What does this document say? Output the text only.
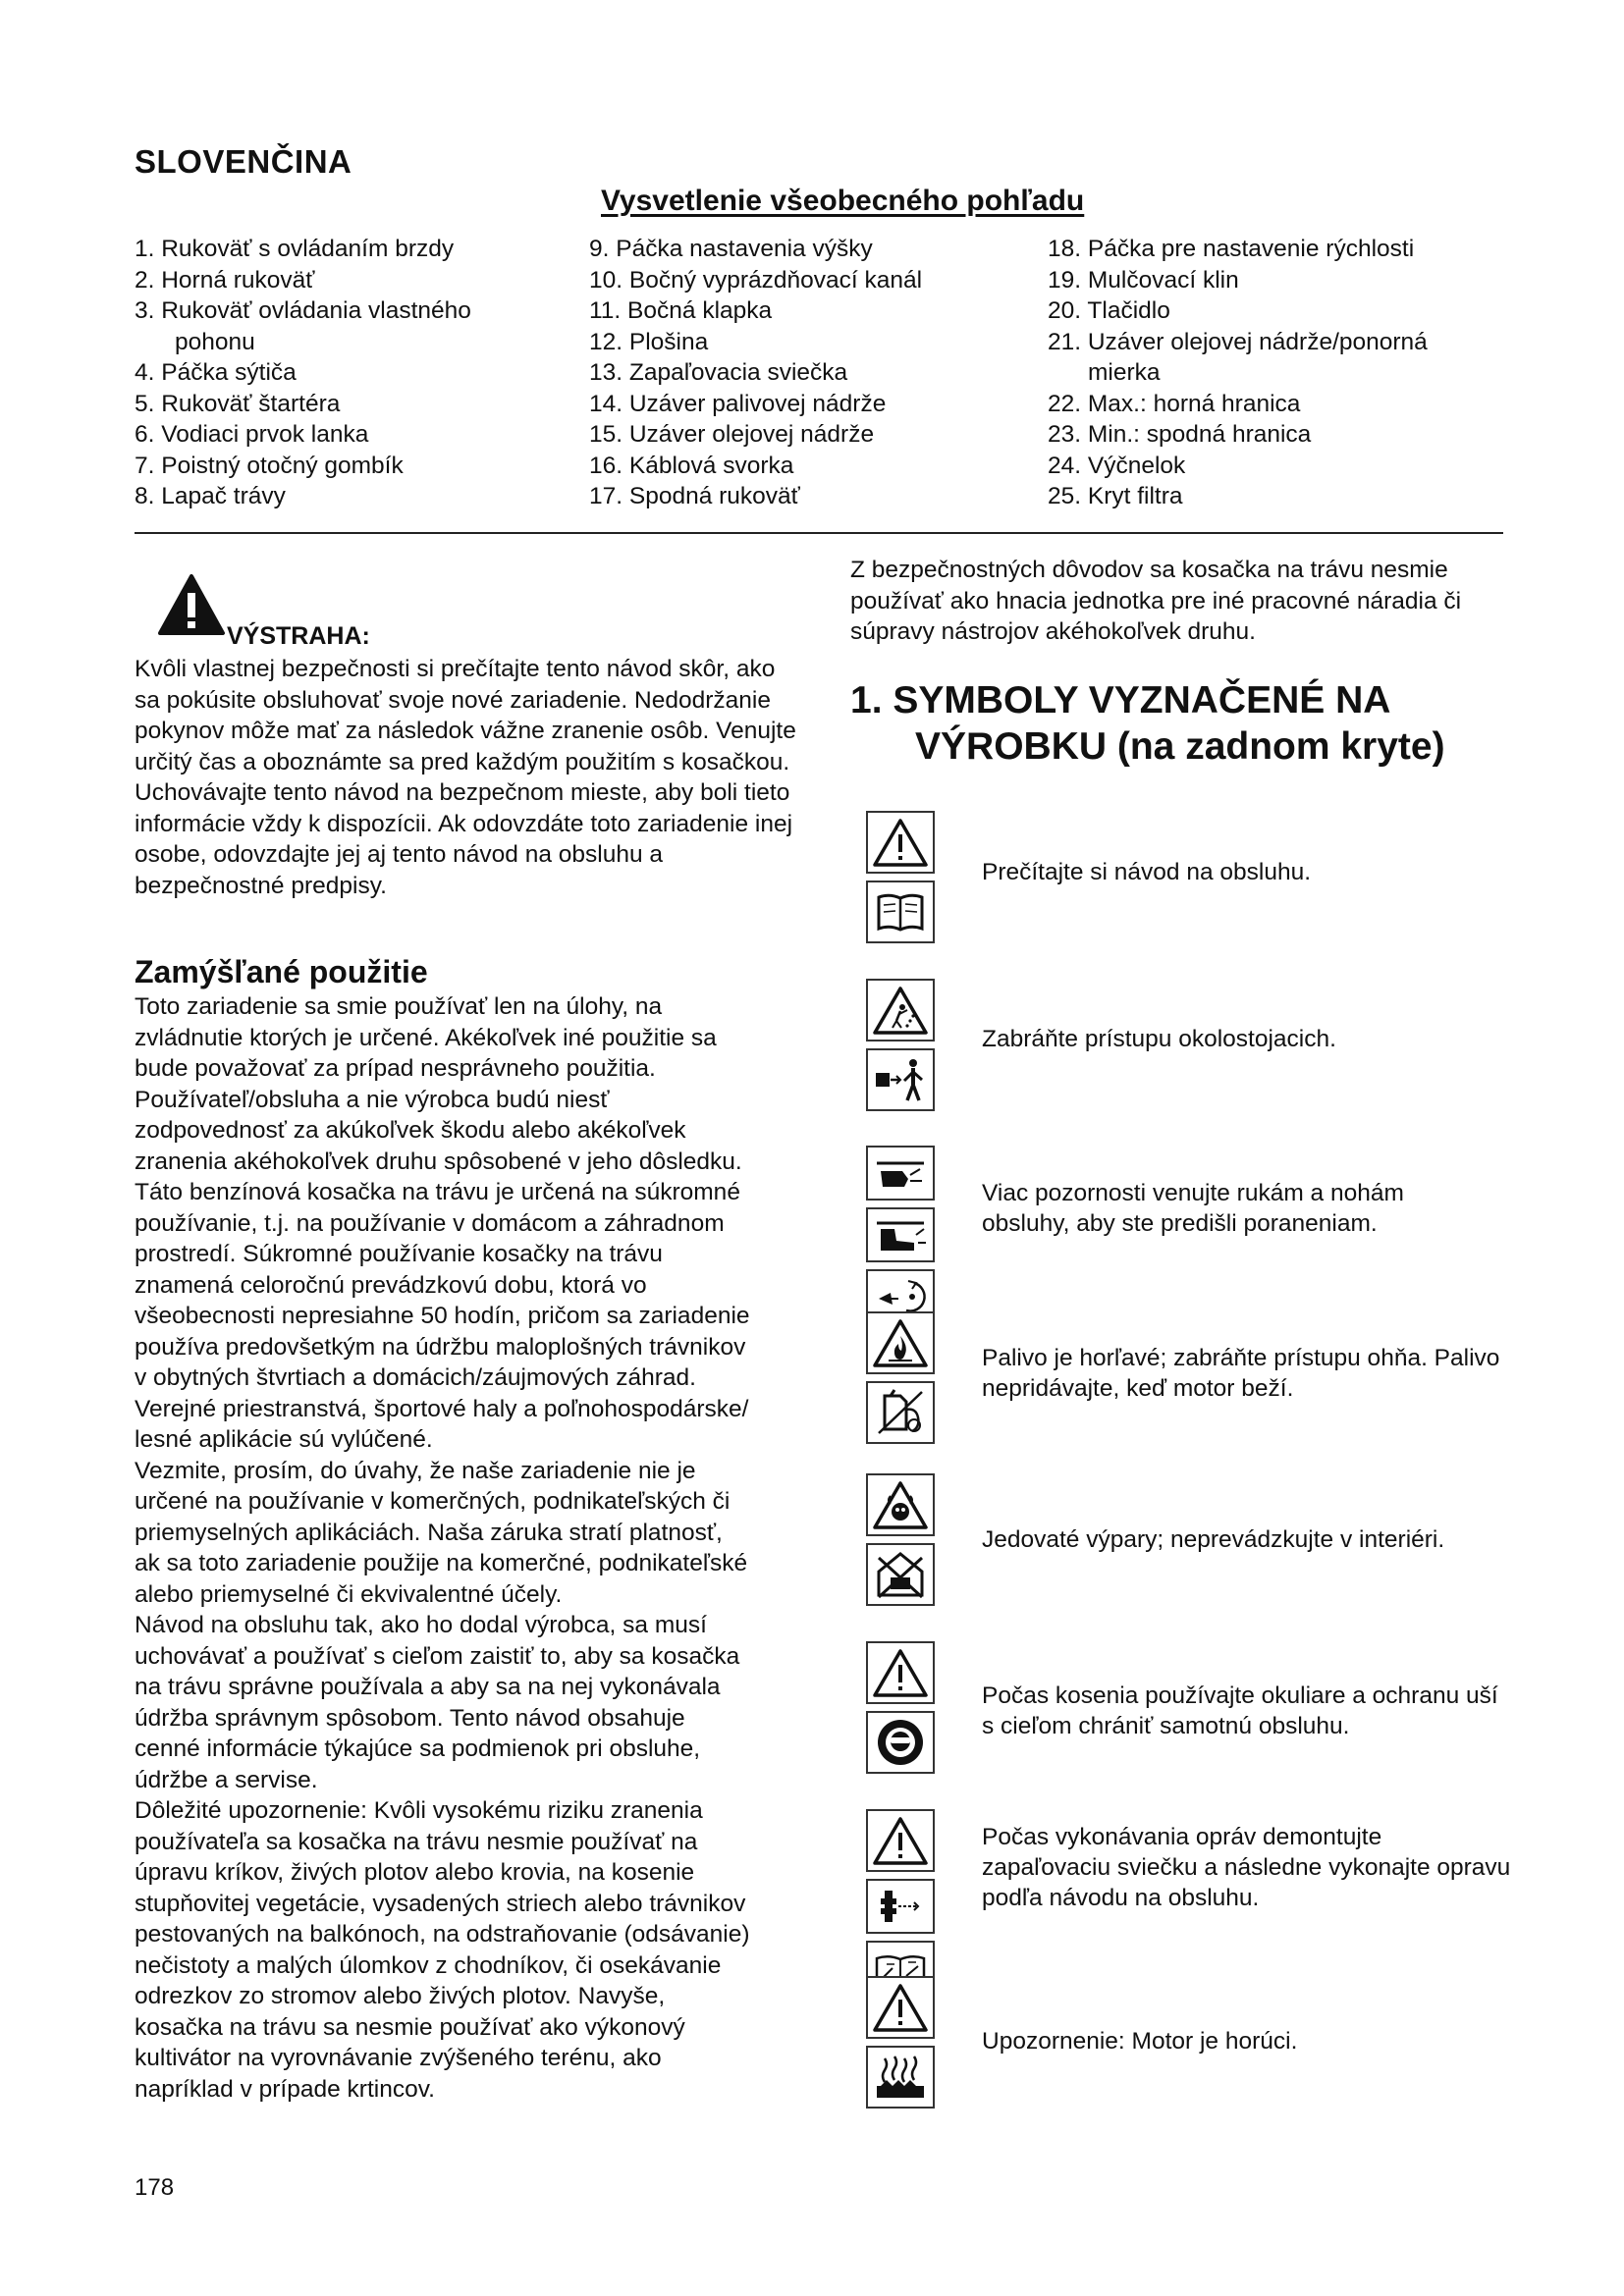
SLOVENČINA
Vysvetlenie všeobecného pohľadu
1. Rukoväť s ovládaním brzdy
2. Horná rukoväť
3. Rukoväť ovládania vlastného
pohonu
4. Páčka sýtiča
5. Rukoväť štartéra
6. Vodiaci prvok lanka
7. Poistný otočný gombík
8. Lapač trávy
9. Páčka nastavenia výšky
10. Bočný vyprázdňovací kanál
11. Bočná klapka
12. Plošina
13. Zapaľovacia sviečka
14. Uzáver palivovej nádrže
15. Uzáver olejovej nádrže
16. Káblová svorka
17. Spodná rukoväť
18. Páčka pre nastavenie rýchlosti
19. Mulčovací klin
20. Tlačidlo
21. Uzáver olejovej nádrže/ponorná
mierka
22. Max.: horná hranica
23. Min.: spodná hranica
24. Výčnelok
25. Kryt filtra
VÝSTRAHA:
Kvôli vlastnej bezpečnosti si prečítajte tento návod skôr, ako sa pokúsite obsluhovať svoje nové zariadenie. Nedodržanie pokynov môže mať za následok vážne zranenie osôb. Venujte určitý čas a oboznámte sa pred každým použitím s kosačkou. Uchovávajte tento návod na bezpečnom mieste, aby boli tieto informácie vždy k dispozícii. Ak odovzdáte toto zariadenie inej osobe, odovzdajte jej aj tento návod na obsluhu a bezpečnostné predpisy.
Zamýšľané použitie
Toto zariadenie sa smie používať len na úlohy, na
zvládnutie ktorých je určené. Akékoľvek iné použitie sa
bude považovať za prípad nesprávneho použitia.
Používateľ/obsluha a nie výrobca budú niesť
zodpovednosť za akúkoľvek škodu alebo akékoľvek
zranenia akéhokoľvek druhu spôsobené v jeho dôsledku.
Táto benzínová kosačka na trávu je určená na súkromné
používanie, t.j. na používanie v domácom a záhradnom
prostredí. Súkromné používanie kosačky na trávu
znamená celoročnú prevádzkovú dobu, ktorá vo
všeobecnosti nepresiahne 50 hodín, pričom sa zariadenie
používa predovšetkým na údržbu maloplošných trávnikov
v obytných štvrtiach a domácich/záujmových záhrad.
Verejné priestranstvá, športové haly a poľnohospodárske/
lesné aplikácie sú vylúčené.
Vezmite, prosím, do úvahy, že naše zariadenie nie je
určené na používanie v komerčných, podnikateľských či
priemyselných aplikáciách. Naša záruka stratí platnosť,
ak sa toto zariadenie použije na komerčné, podnikateľské
alebo priemyselné či ekvivalentné účely.
Návod na obsluhu tak, ako ho dodal výrobca, sa musí
uchovávať a používať s cieľom zaistiť to, aby sa kosačka
na trávu správne používala a aby sa na nej vykonávala
údržba správnym spôsobom. Tento návod obsahuje
cenné informácie týkajúce sa podmienok pri obsluhe,
údržbe a servise.
Dôležité upozornenie: Kvôli vysokému riziku zranenia
používateľa sa kosačka na trávu nesmie používať na
úpravu kríkov, živých plotov alebo krovia, na kosenie
stupňovitej vegetácie, vysadených striech alebo trávnikov
pestovaných na balkónoch, na odstraňovanie (odsávanie)
nečistoty a malých úlomkov z chodníkov, či osekávanie
odrezkov zo stromov alebo živých plotov. Navyše,
kosačka na trávu sa nesmie používať ako výkonový
kultivátor na vyrovnávanie zvýšeného terénu, ako
napríklad v prípade krtincov.
Z bezpečnostných dôvodov sa kosačka na trávu nesmie používať ako hnacia jednotka pre iné pracovné náradia či súpravy nástrojov akéhokoľvek druhu.
1. SYMBOLY VYZNAČENÉ NA
VÝROBKU (na zadnom kryte)
Prečítajte si návod na obsluhu.
Zabráňte prístupu okolostojacich.
Viac pozornosti venujte rukám a nohám obsluhy, aby ste predišli poraneniam.
Palivo je horľavé; zabráňte prístupu ohňa. Palivo nepridávajte, keď motor beží.
Jedovaté výpary; neprevádzkujte v interiéri.
Počas kosenia používajte okuliare a ochranu uší s cieľom chrániť samotnú obsluhu.
Počas vykonávania opráv demontujte zapaľovaciu sviečku a následne vykonajte opravu podľa návodu na obsluhu.
Upozornenie: Motor je horúci.
178
